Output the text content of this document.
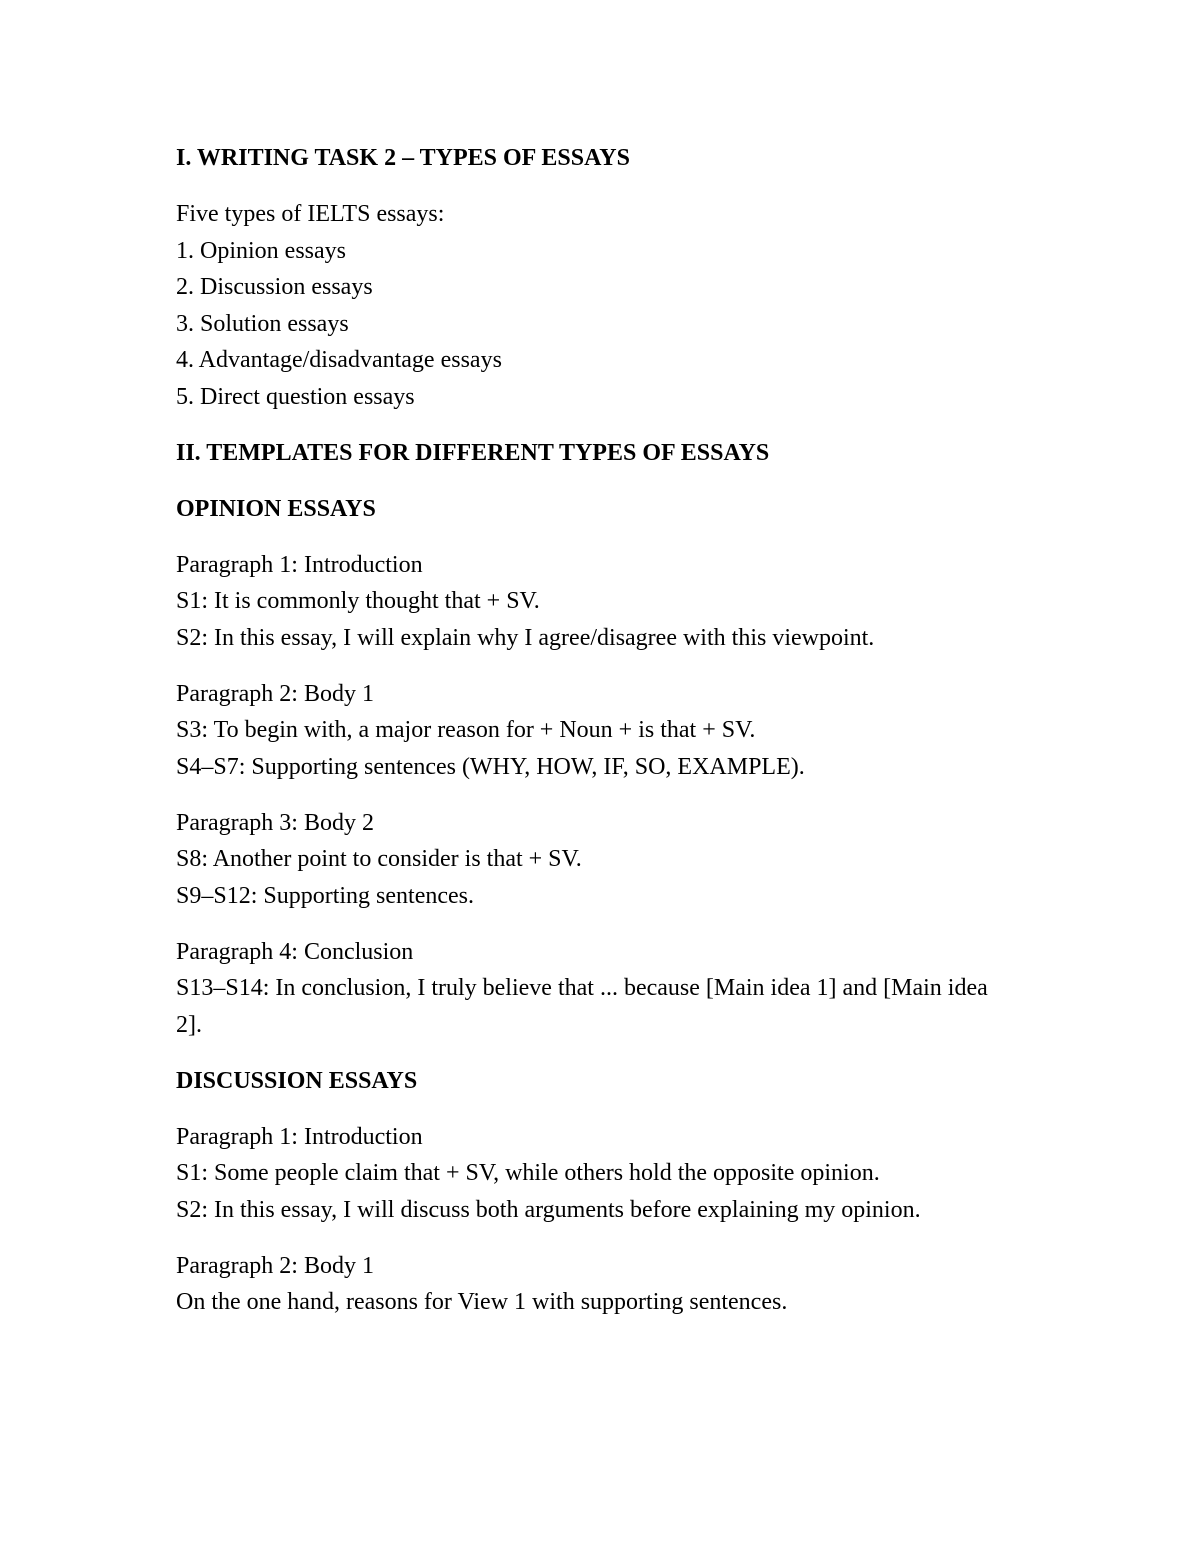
I. WRITING TASK 2 – TYPES OF ESSAYS

Five types of IELTS essays:

1. Opinion essays

2. Discussion essays

3. Solution essays

4. Advantage/disadvantage essays

5. Direct question essays

II. TEMPLATES FOR DIFFERENT TYPES OF ESSAYS

OPINION ESSAYS

Paragraph 1: Introduction

S1: It is commonly thought that + SV.

S2: In this essay, I will explain why I agree/disagree with this viewpoint.

Paragraph 2: Body 1

S3: To begin with, a major reason for + Noun + is that + SV.

S4–S7: Supporting sentences (WHY, HOW, IF, SO, EXAMPLE).

Paragraph 3: Body 2

S8: Another point to consider is that + SV.

S9–S12: Supporting sentences.

Paragraph 4: Conclusion

S13–S14: In conclusion, I truly believe that ... because [Main idea 1] and [Main idea 2].

DISCUSSION ESSAYS

Paragraph 1: Introduction

S1: Some people claim that + SV, while others hold the opposite opinion.

S2: In this essay, I will discuss both arguments before explaining my opinion.

Paragraph 2: Body 1

On the one hand, reasons for View 1 with supporting sentences.
